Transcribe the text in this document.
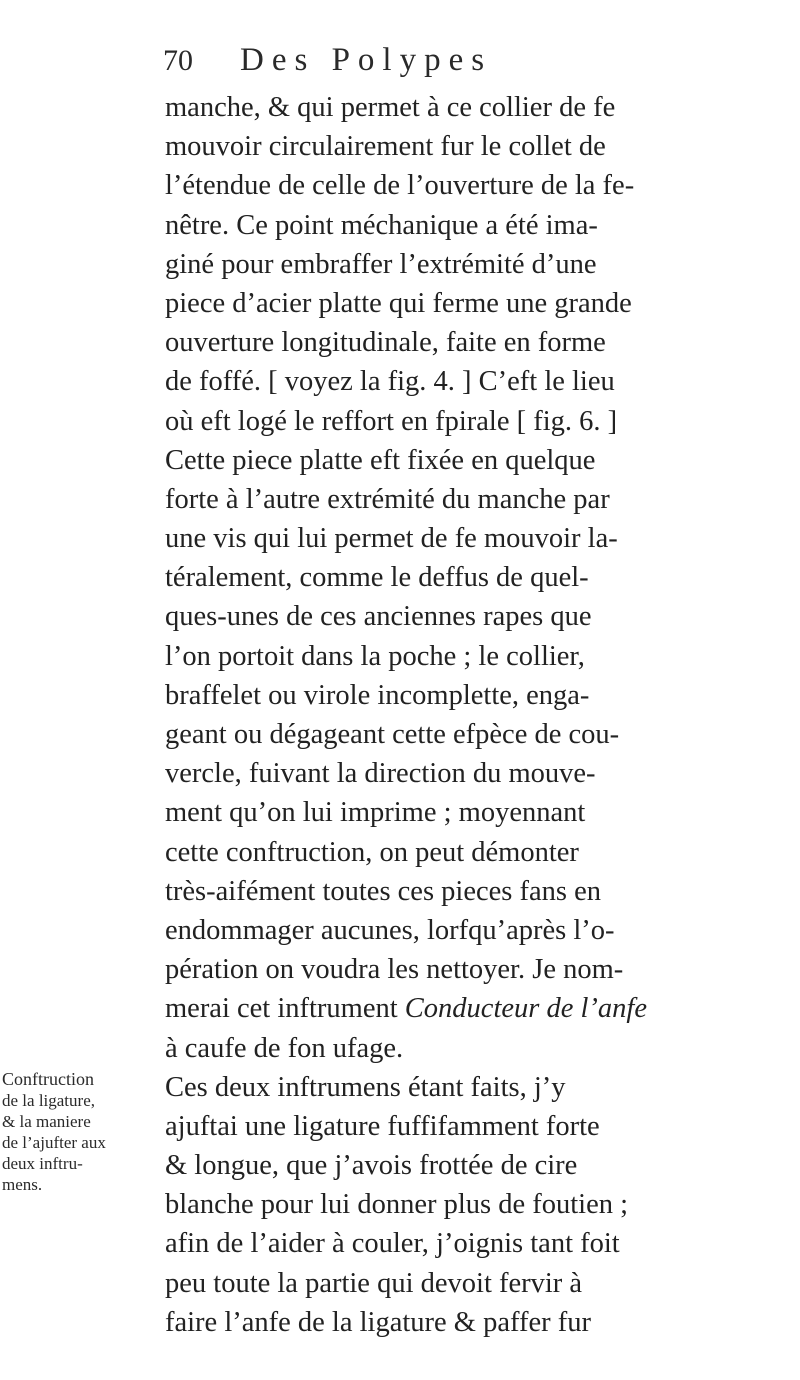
70 Des Polypes
manche, & qui permet à ce collier de fe
mouvoir circulairement fur le collet de
l’étendue de celle de l’ouverture de la fe-
nêtre. Ce point méchanique a été ima-
giné pour embraffer l’extrémité d’une
piece d’acier platte qui ferme une grande
ouverture longitudinale, faite en forme
de foffé. [ voyez la fig. 4. ] C’eft le lieu
où eft logé le reffort en fpirale [ fig. 6. ]
Cette piece platte eft fixée en quelque
forte à l’autre extrémité du manche par
une vis qui lui permet de fe mouvoir la-
téralement, comme le deffus de quel-
ques-unes de ces anciennes rapes que
l’on portoit dans la poche ; le collier,
braffelet ou virole incomplette, enga-
geant ou dégageant cette efpèce de cou-
vercle, fuivant la direction du mouve-
ment qu’on lui imprime ; moyennant
cette conftruction, on peut démonter
très-aifément toutes ces pieces fans en
endommager aucunes, lorfqu’après l’o-
pération on voudra les nettoyer. Je nom-
merai cet inftrument Conducteur de l’anfe
à caufe de fon ufage.
Ces deux inftrumens étant faits, j’y
ajuftai une ligature fuffifamment forte
& longue, que j’avois frottée de cire
blanche pour lui donner plus de foutien ;
afin de l’aider à couler, j’oignis tant foit
peu toute la partie qui devoit fervir à
faire l’anfe de la ligature & paffer fur
Conftruction
de la ligature,
& la maniere
de l’ajufter aux
deux inftru-
mens.
